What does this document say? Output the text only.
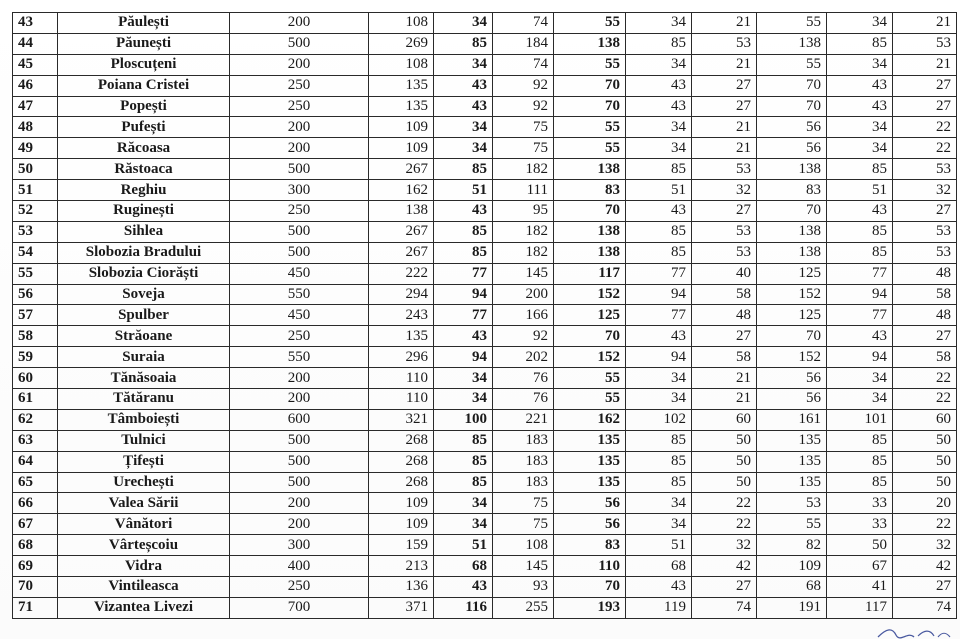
43	Păulești	200	108	34	74	55	34	21	55	34	21
44	Păunești	500	269	85	184	138	85	53	138	85	53
45	Ploscuțeni	200	108	34	74	55	34	21	55	34	21
46	Poiana Cristei	250	135	43	92	70	43	27	70	43	27
47	Popești	250	135	43	92	70	43	27	70	43	27
48	Pufești	200	109	34	75	55	34	21	56	34	22
49	Răcoasa	200	109	34	75	55	34	21	56	34	22
50	Răstoaca	500	267	85	182	138	85	53	138	85	53
51	Reghiu	300	162	51	111	83	51	32	83	51	32
52	Ruginești	250	138	43	95	70	43	27	70	43	27
53	Sihlea	500	267	85	182	138	85	53	138	85	53
54	Slobozia Bradului	500	267	85	182	138	85	53	138	85	53
55	Slobozia Ciorăști	450	222	77	145	117	77	40	125	77	48
56	Soveja	550	294	94	200	152	94	58	152	94	58
57	Spulber	450	243	77	166	125	77	48	125	77	48
58	Străoane	250	135	43	92	70	43	27	70	43	27
59	Suraia	550	296	94	202	152	94	58	152	94	58
60	Tănăsoaia	200	110	34	76	55	34	21	56	34	22
61	Tătăranu	200	110	34	76	55	34	21	56	34	22
62	Tâmboiești	600	321	100	221	162	102	60	161	101	60
63	Tulnici	500	268	85	183	135	85	50	135	85	50
64	Țifești	500	268	85	183	135	85	50	135	85	50
65	Urechești	500	268	85	183	135	85	50	135	85	50
66	Valea Sării	200	109	34	75	56	34	22	53	33	20
67	Vânători	200	109	34	75	56	34	22	55	33	22
68	Vârteșcoiu	300	159	51	108	83	51	32	82	50	32
69	Vidra	400	213	68	145	110	68	42	109	67	42
70	Vintileasca	250	136	43	93	70	43	27	68	41	27
71	Vizantea Livezi	700	371	116	255	193	119	74	191	117	74
